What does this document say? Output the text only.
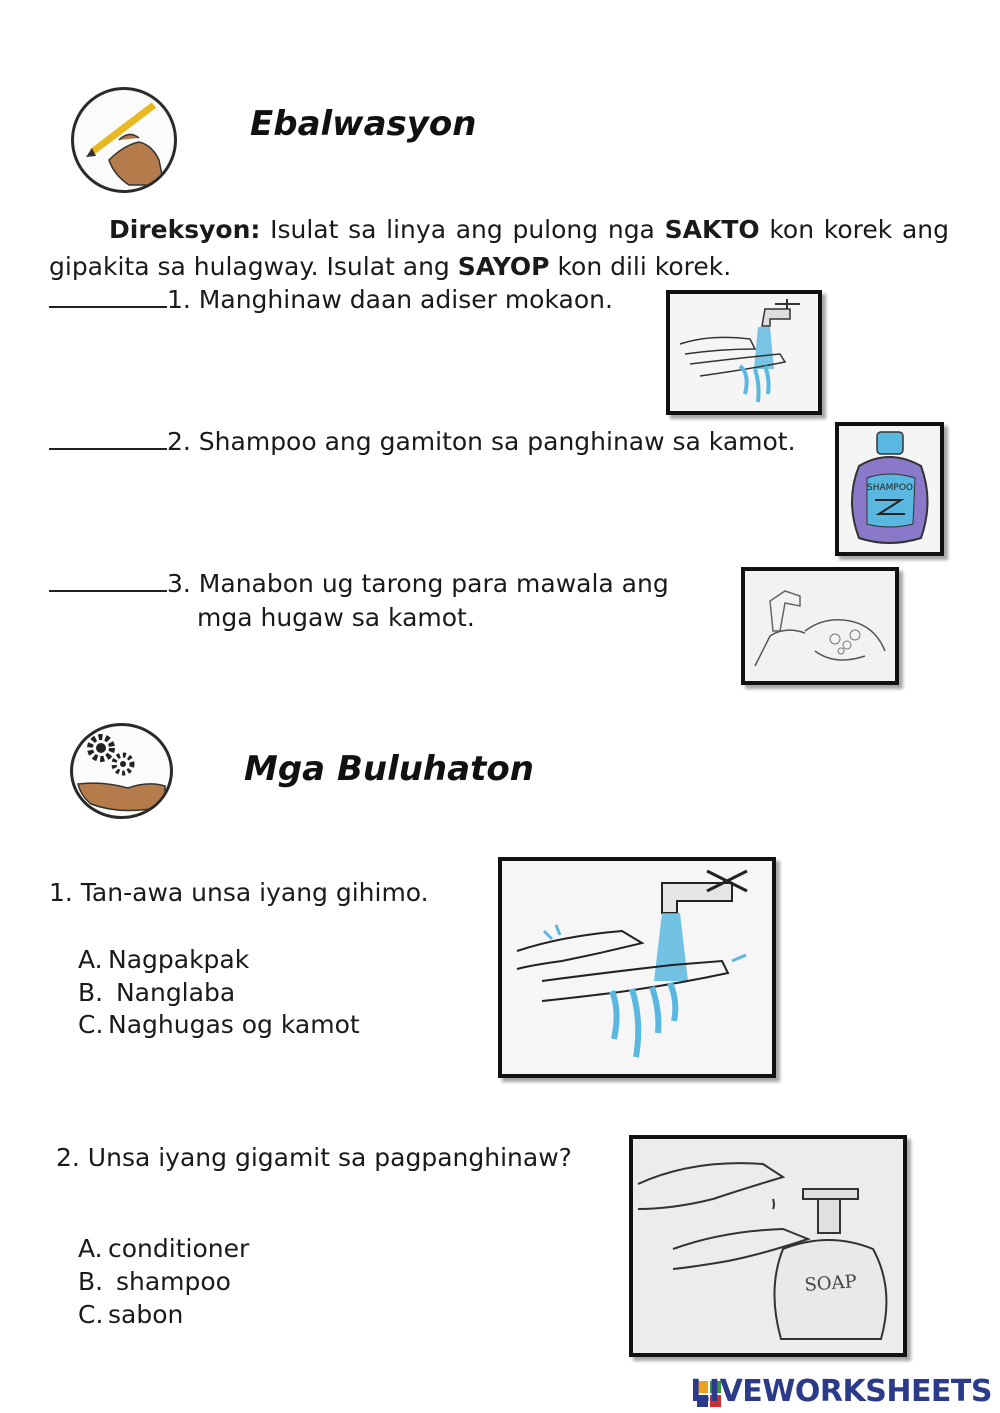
Ebalwasyon
Direksyon: Isulat sa linya ang pulong nga SAKTO kon korek ang gipakita sa hulagway. Isulat ang SAYOP kon dili korek.
1. Manghinaw daan adiser mokaon.
2. Shampoo ang gamiton sa panghinaw sa kamot.
SHAMPOO
3. Manabon ug tarong para mawala ang
mga hugaw sa kamot.
Mga Buluhaton
1. Tan-awa unsa iyang gihimo.
A. Nagpakpak
B. Nanglaba
C. Naghugas og kamot
2. Unsa iyang gigamit sa pagpanghinaw?
A. conditioner
B. shampoo
C. sabon
SOAP
LIVEWORKSHEETS
